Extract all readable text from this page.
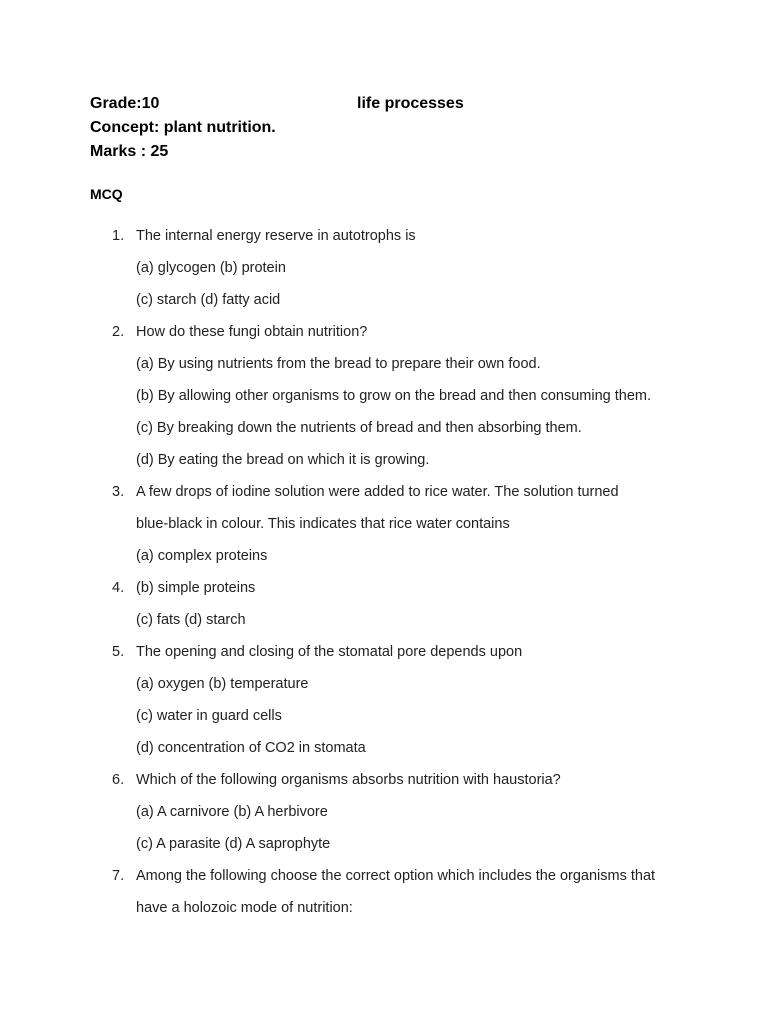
Grade:10	life processes
Concept: plant nutrition.
Marks : 25
MCQ
1. The internal energy reserve in autotrophs is
(a) glycogen (b) protein
(c) starch (d) fatty acid
2. How do these fungi obtain nutrition?
(a) By using nutrients from the bread to prepare their own food.
(b) By allowing other organisms to grow on the bread and then consuming them.
(c) By breaking down the nutrients of bread and then absorbing them.
(d) By eating the bread on which it is growing.
3. A few drops of iodine solution were added to rice water. The solution turned
blue-black in colour. This indicates that rice water contains
(a) complex proteins
4. (b) simple proteins
(c) fats (d) starch
5. The opening and closing of the stomatal pore depends upon
(a) oxygen (b) temperature
(c) water in guard cells
(d) concentration of CO2 in stomata
6. Which of the following organisms absorbs nutrition with haustoria?
(a) A carnivore (b) A herbivore
(c) A parasite (d) A saprophyte
7. Among the following choose the correct option which includes the organisms that
have a holozoic mode of nutrition:
